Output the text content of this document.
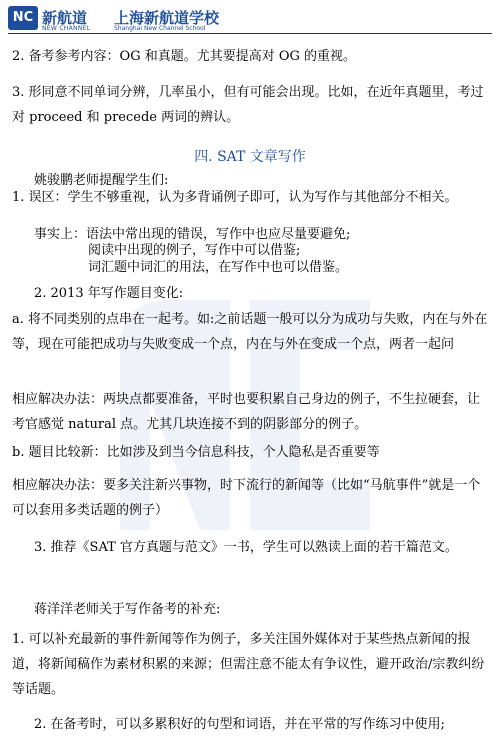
NC 新航道
NEW CHANNEL
上海新航道学校
Shanghai New Channel School
2. 备考参考内容：OG 和真题。尤其要提高对 OG 的重视。
3. 形同意不同单词分辨，几率虽小，但有可能会出现。比如，在近年真题里，考过对 proceed 和 precede 两词的辨认。
四. SAT 文章写作
姚骏鹏老师提醒学生们:
1. 误区：学生不够重视，认为多背诵例子即可，认为写作与其他部分不相关。
事实上：语法中常出现的错误，写作中也应尽量要避免;
阅读中出现的例子，写作中可以借鉴;
词汇题中词汇的用法，在写作中也可以借鉴。
2. 2013 年写作题目变化:
a. 将不同类别的点串在一起考。如:之前话题一般可以分为成功与失败，内在与外在等，现在可能把成功与失败变成一个点，内在与外在变成一个点，两者一起问
相应解决办法：两块点都要准备，平时也要积累自己身边的例子，不生拉硬套，让考官感觉 natural 点。尤其几块连接不到的阴影部分的例子。
b. 题目比较新：比如涉及到当今信息科技，个人隐私是否重要等
相应解决办法：要多关注新兴事物，时下流行的新闻等（比如“马航事件”就是一个可以套用多类话题的例子）
3. 推荐《SAT 官方真题与范文》一书，学生可以熟读上面的若干篇范文。
蒋洋洋老师关于写作备考的补充:
1. 可以补充最新的事件新闻等作为例子，多关注国外媒体对于某些热点新闻的报道，将新闻稿作为素材积累的来源；但需注意不能太有争议性，避开政治/宗教纠纷等话题。
2. 在备考时，可以多累积好的句型和词语，并在平常的写作练习中使用;
